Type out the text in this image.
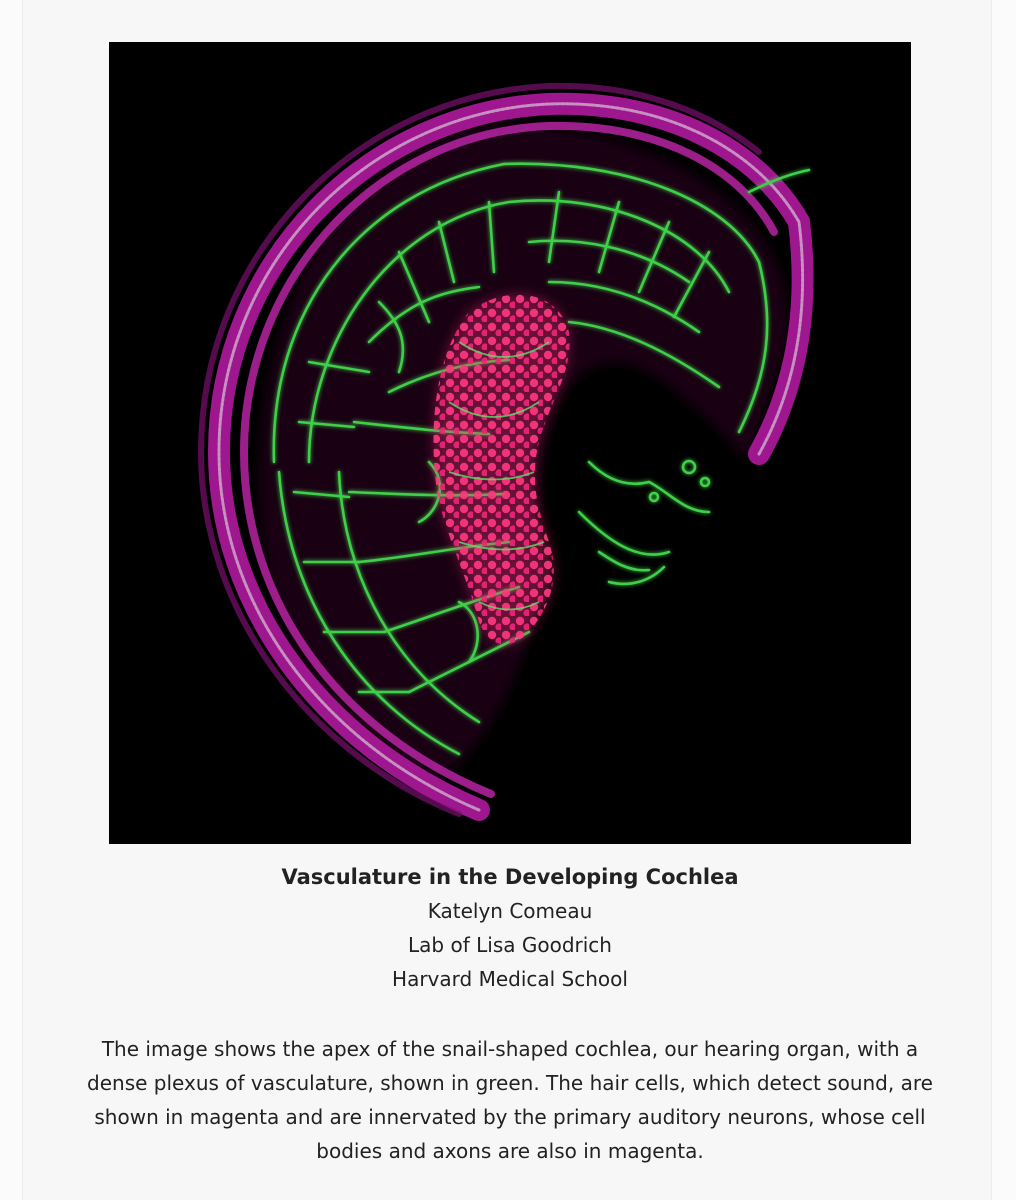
Vasculature in the Developing Cochlea
Katelyn Comeau
Lab of Lisa Goodrich
Harvard Medical School
The image shows the apex of the snail-shaped cochlea, our hearing organ, with a dense plexus of vasculature, shown in green. The hair cells, which detect sound, are shown in magenta and are innervated by the primary auditory neurons, whose cell bodies and axons are also in magenta.
